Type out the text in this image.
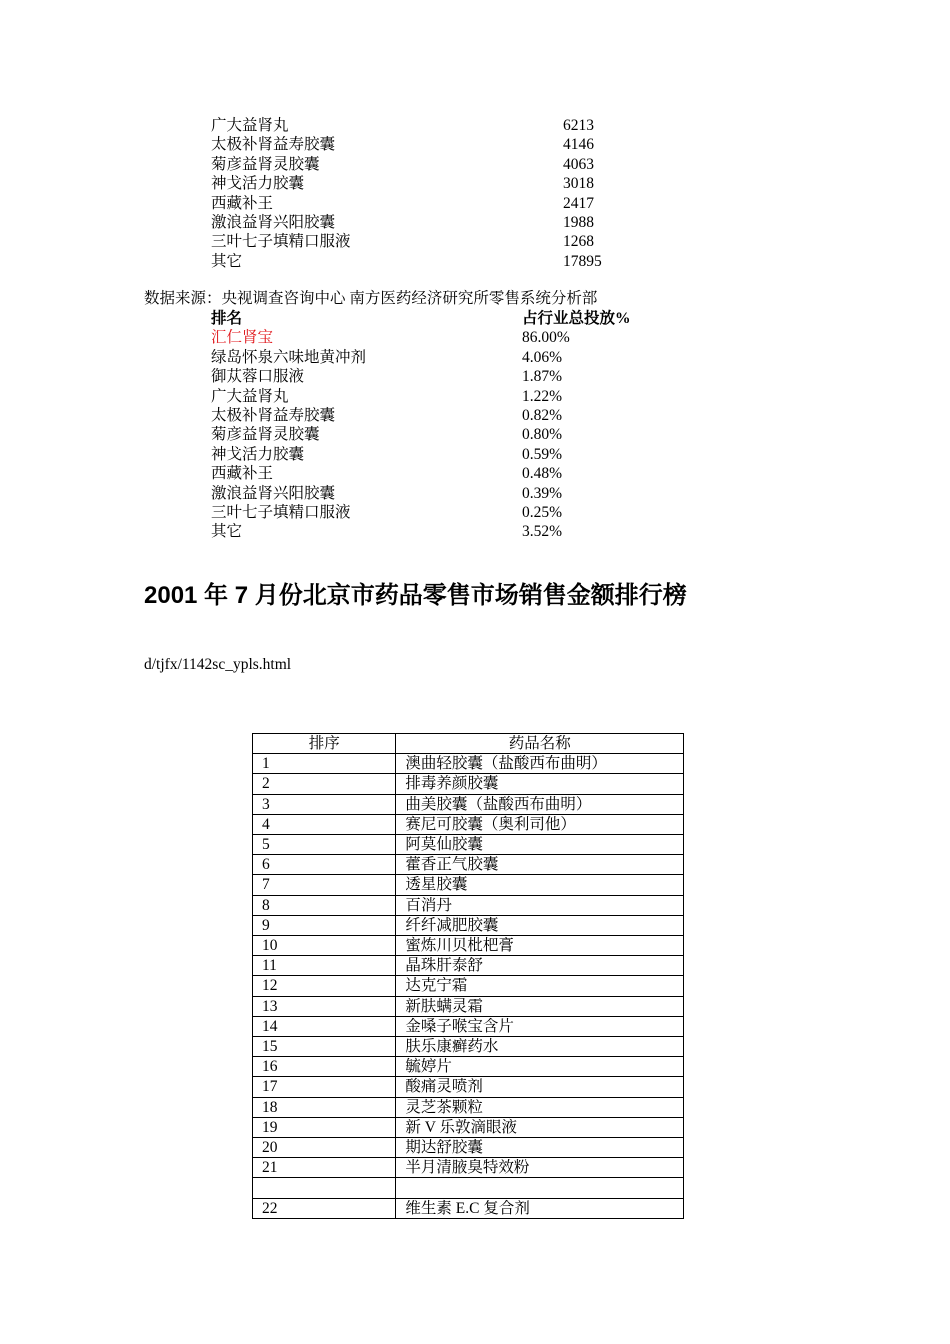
广大益肾丸	6213
太极补肾益寿胶囊	4146
菊彦益肾灵胶囊	4063
神戈活力胶囊	3018
西藏补王	2417
激浪益肾兴阳胶囊	1988
三叶七子填精口服液	1268
其它	17895
数据来源：央视调查咨询中心 南方医药经济研究所零售系统分析部
排名	占行业总投放%
汇仁肾宝	86.00%
绿岛怀泉六味地黄冲剂	4.06%
御苁蓉口服液	1.87%
广大益肾丸	1.22%
太极补肾益寿胶囊	0.82%
菊彦益肾灵胶囊	0.80%
神戈活力胶囊	0.59%
西藏补王	0.48%
激浪益肾兴阳胶囊	0.39%
三叶七子填精口服液	0.25%
其它	3.52%
2001 年 7 月份北京市药品零售市场销售金额排行榜
d/tjfx/1142sc_ypls.html
排序	药品名称
1	澳曲轻胶囊（盐酸西布曲明）
2	排毒养颜胶囊
3	曲美胶囊（盐酸西布曲明）
4	赛尼可胶囊（奥利司他）
5	阿莫仙胶囊
6	藿香正气胶囊
7	透星胶囊
8	百消丹
9	纤纤减肥胶囊
10	蜜炼川贝枇杷膏
11	晶珠肝泰舒
12	达克宁霜
13	新肤螨灵霜
14	金嗓子喉宝含片
15	肤乐康癣药水
16	毓婷片
17	酸痛灵喷剂
18	灵芝茶颗粒
19	新 V 乐敦滴眼液
20	期达舒胶囊
21	半月清腋臭特效粉

22	维生素 E.C 复合剂
